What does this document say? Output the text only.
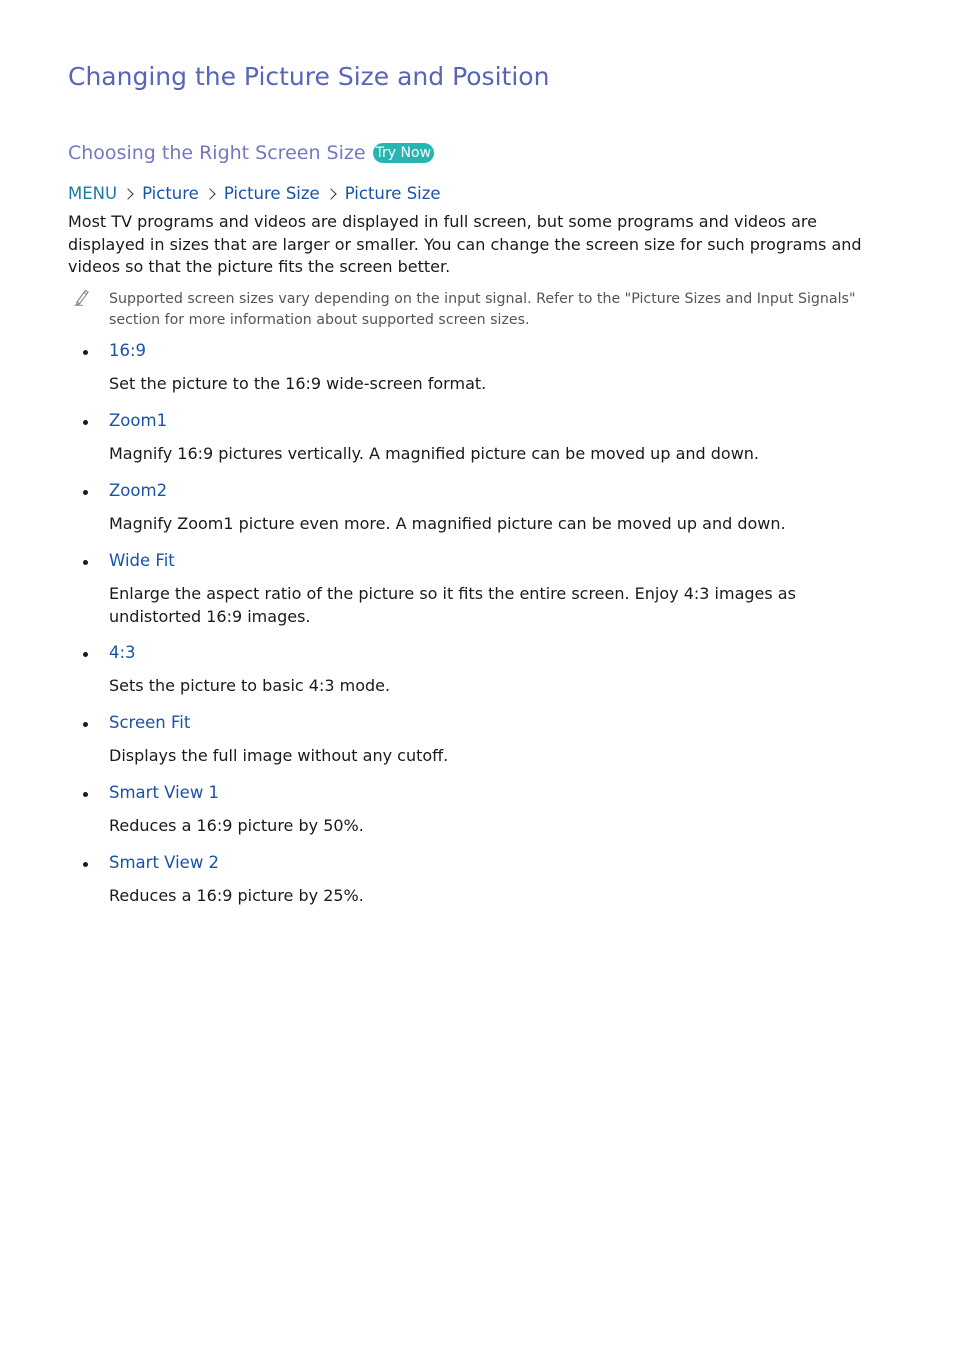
Changing the Picture Size and Position
Choosing the Right Screen Size Try Now
MENU Picture Picture Size Picture Size

Most TV programs and videos are displayed in full screen, but some programs and videos are displayed in sizes that are larger or smaller. You can change the screen size for such programs and videos so that the picture fits the screen better.

Supported screen sizes vary depending on the input signal. Refer to the "Picture Sizes and Input Signals" section for more information about supported screen sizes.

16:9

Set the picture to the 16:9 wide-screen format.

Zoom1

Magnify 16:9 pictures vertically. A magnified picture can be moved up and down.

Zoom2

Magnify Zoom1 picture even more. A magnified picture can be moved up and down.

Wide Fit

Enlarge the aspect ratio of the picture so it fits the entire screen. Enjoy 4:3 images as undistorted 16:9 images.

4:3

Sets the picture to basic 4:3 mode.

Screen Fit

Displays the full image without any cutoff.

Smart View 1

Reduces a 16:9 picture by 50%.

Smart View 2

Reduces a 16:9 picture by 25%.
